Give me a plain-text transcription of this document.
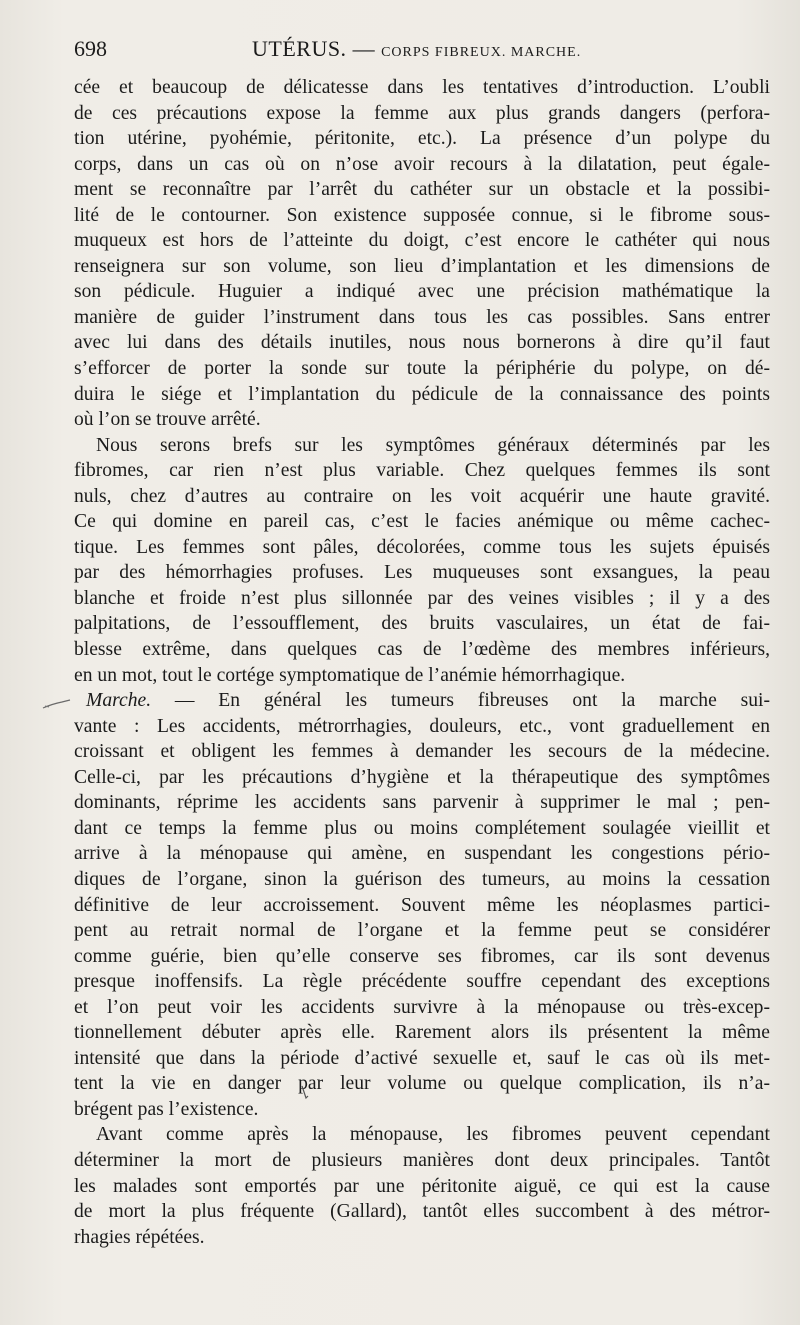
698	UTÉRUS. — CORPS FIBREUX. MARCHE.
cée et beaucoup de délicatesse dans les tentatives d’introduction. L’oubli
de ces précautions expose la femme aux plus grands dangers (perfora-
tion utérine, pyohémie, péritonite, etc.). La présence d’un polype du
corps, dans un cas où on n’ose avoir recours à la dilatation, peut égale-
ment se reconnaître par l’arrêt du cathéter sur un obstacle et la possibi-
lité de le contourner. Son existence supposée connue, si le fibrome sous-
muqueux est hors de l’atteinte du doigt, c’est encore le cathéter qui nous
renseignera sur son volume, son lieu d’implantation et les dimensions de
son pédicule. Huguier a indiqué avec une précision mathématique la
manière de guider l’instrument dans tous les cas possibles. Sans entrer
avec lui dans des détails inutiles, nous nous bornerons à dire qu’il faut
s’efforcer de porter la sonde sur toute la périphérie du polype, on dé-
duira le siége et l’implantation du pédicule de la connaissance des points
où l’on se trouve arrêté.
Nous serons brefs sur les symptômes généraux déterminés par les
fibromes, car rien n’est plus variable. Chez quelques femmes ils sont
nuls, chez d’autres au contraire on les voit acquérir une haute gravité.
Ce qui domine en pareil cas, c’est le facies anémique ou même cachec-
tique. Les femmes sont pâles, décolorées, comme tous les sujets épuisés
par des hémorrhagies profuses. Les muqueuses sont exsangues, la peau
blanche et froide n’est plus sillonnée par des veines visibles ; il y a des
palpitations, de l’essoufflement, des bruits vasculaires, un état de fai-
blesse extrême, dans quelques cas de l’œdème des membres inférieurs,
en un mot, tout le cortége symptomatique de l’anémie hémorrhagique.
Marche. — En général les tumeurs fibreuses ont la marche sui-
vante : Les accidents, métrorrhagies, douleurs, etc., vont graduellement en
croissant et obligent les femmes à demander les secours de la médecine.
Celle-ci, par les précautions d’hygiène et la thérapeutique des symptômes
dominants, réprime les accidents sans parvenir à supprimer le mal ; pen-
dant ce temps la femme plus ou moins complétement soulagée vieillit et
arrive à la ménopause qui amène, en suspendant les congestions pério-
diques de l’organe, sinon la guérison des tumeurs, au moins la cessation
définitive de leur accroissement. Souvent même les néoplasmes partici-
pent au retrait normal de l’organe et la femme peut se considérer
comme guérie, bien qu’elle conserve ses fibromes, car ils sont devenus
presque inoffensifs. La règle précédente souffre cependant des exceptions
et l’on peut voir les accidents survivre à la ménopause ou très-excep-
tionnellement débuter après elle. Rarement alors ils présentent la même
intensité que dans la période d’activé sexuelle et, sauf le cas où ils met-
tent la vie en danger par leur volume ou quelque complication, ils n’a-
brégent pas l’existence.
Avant comme après la ménopause, les fibromes peuvent cependant
déterminer la mort de plusieurs manières dont deux principales. Tantôt
les malades sont emportés par une péritonite aiguë, ce qui est la cause
de mort la plus fréquente (Gallard), tantôt elles succombent à des métror-
rhagies répétées.
